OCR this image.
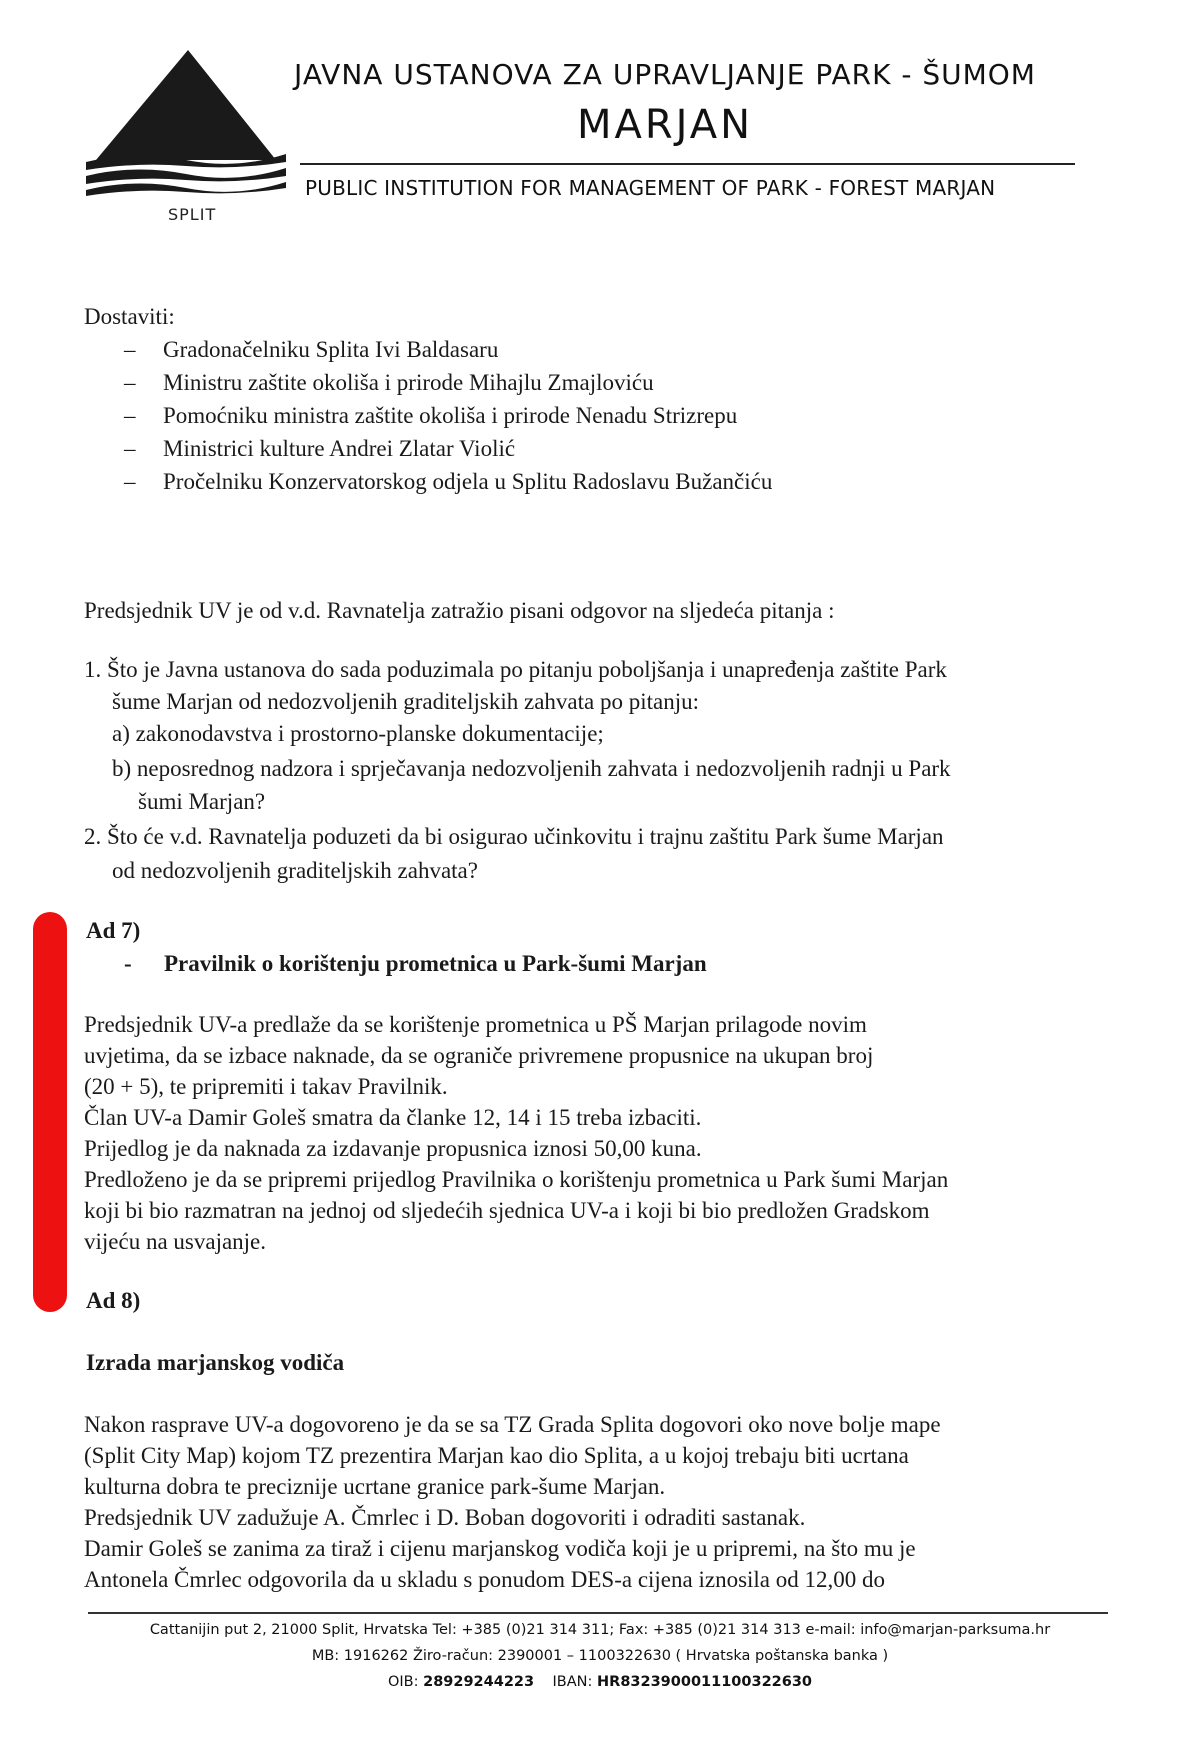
SPLIT
JAVNA USTANOVA ZA UPRAVLJANJE PARK - ŠUMOM
MARJAN
PUBLIC INSTITUTION FOR MANAGEMENT OF PARK - FOREST MARJAN
Dostaviti:
– Gradonačelniku Splita Ivi Baldasaru
– Ministru zaštite okoliša i prirode Mihajlu Zmajloviću
– Pomoćniku ministra zaštite okoliša i prirode Nenadu Strizrepu
– Ministrici kulture Andrei Zlatar Violić
– Pročelniku Konzervatorskog odjela u Splitu Radoslavu Bužančiću
Predsjednik UV je od v.d. Ravnatelja zatražio pisani odgovor na sljedeća pitanja :
1. Što je Javna ustanova do sada poduzimala po pitanju poboljšanja i unapređenja zaštite Park
šume Marjan od nedozvoljenih graditeljskih zahvata po pitanju:
a) zakonodavstva i prostorno-planske dokumentacije;
b) neposrednog nadzora i sprječavanja nedozvoljenih zahvata i nedozvoljenih radnji u Park
šumi Marjan?
2. Što će v.d. Ravnatelja poduzeti da bi osigurao učinkovitu i trajnu zaštitu Park šume Marjan
od nedozvoljenih graditeljskih zahvata?
Ad 7)
- Pravilnik o korištenju prometnica u Park-šumi Marjan
Predsjednik UV-a predlaže da se korištenje prometnica u PŠ Marjan prilagode novim
uvjetima, da se izbace naknade, da se ograniče privremene propusnice na ukupan broj
(20 + 5), te pripremiti i takav Pravilnik.
Član UV-a Damir Goleš smatra da članke 12, 14 i 15 treba izbaciti.
Prijedlog je da naknada za izdavanje propusnica iznosi 50,00 kuna.
Predloženo je da se pripremi prijedlog Pravilnika o korištenju prometnica u Park šumi Marjan
koji bi bio razmatran na jednoj od sljedećih sjednica UV-a i koji bi bio predložen Gradskom
vijeću na usvajanje.
Ad 8)
Izrada marjanskog vodiča
Nakon rasprave UV-a dogovoreno je da se sa TZ Grada Splita dogovori oko nove bolje mape
(Split City Map) kojom TZ prezentira Marjan kao dio Splita, a u kojoj trebaju biti ucrtana
kulturna dobra te preciznije ucrtane granice park-šume Marjan.
Predsjednik UV zadužuje A. Čmrlec i D. Boban dogovoriti i odraditi sastanak.
Damir Goleš se zanima za tiraž i cijenu marjanskog vodiča koji je u pripremi, na što mu je
Antonela Čmrlec odgovorila da u skladu s ponudom DES-a cijena iznosila od 12,00 do
Cattanijin put 2, 21000 Split, Hrvatska Tel: +385 (0)21 314 311; Fax: +385 (0)21 314 313 e-mail: info@marjan-parksuma.hr
MB: 1916262 Žiro-račun: 2390001 – 1100322630 ( Hrvatska poštanska banka )
OIB: 28929244223 IBAN: HR8323900011100322630
